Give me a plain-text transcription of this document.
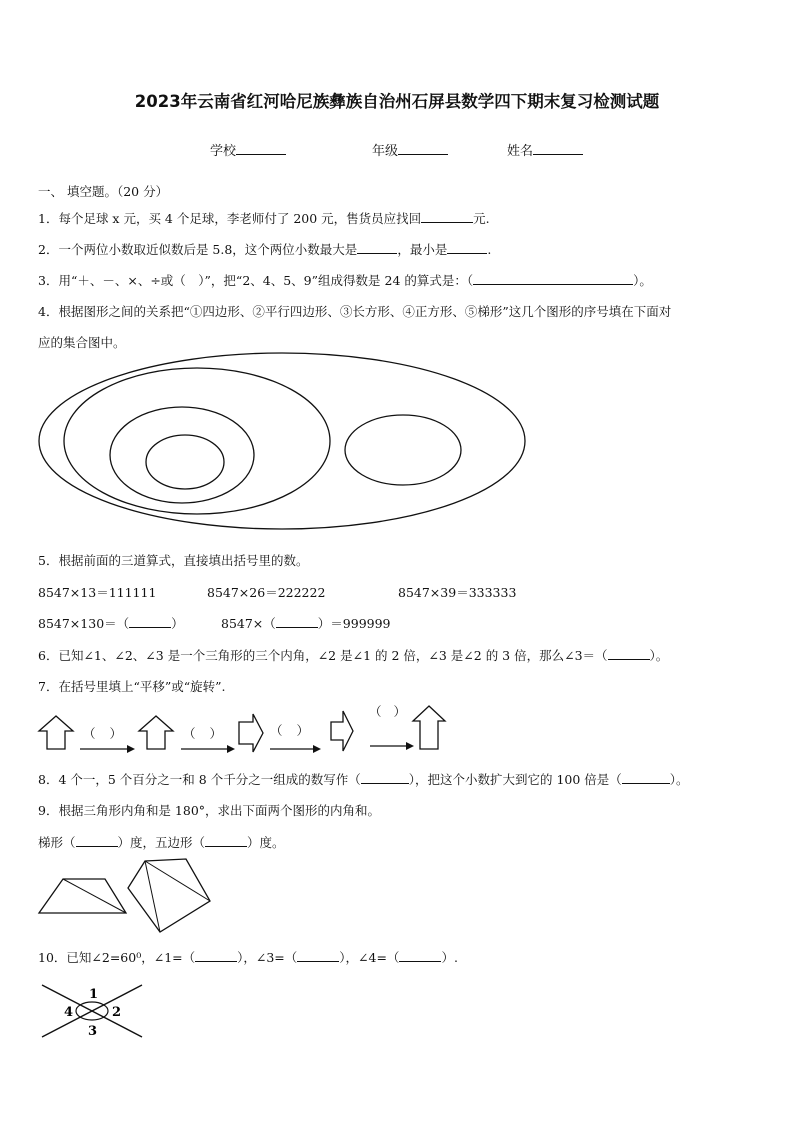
2023年云南省红河哈尼族彝族自治州石屏县数学四下期末复习检测试题
学校	年级	姓名
一、 填空题。（20 分）
1．每个足球 x 元，买 4 个足球，李老师付了 200 元，售货员应找回	元.
2．一个两位小数取近似数后是 5.8，这个两位小数最大是	，最小是	.
3．用“＋、－、×、÷或（　）”，把“2、4、5、9”组成得数是 24 的算式是：（	）。
4．根据图形之间的关系把“①四边形、②平行四边形、③长方形、④正方形、⑤梯形”这几个图形的序号填在下面对
应的集合图中。
5．根据前面的三道算式，直接填出括号里的数。
8547×13＝111111	8547×26＝222222	8547×39＝333333
8547×130＝（	）	8547×（	）＝999999
6．已知∠1、∠2、∠3 是一个三角形的三个内角，∠2 是∠1 的 2 倍，∠3 是∠2 的 3 倍，那么∠3＝（	）。
7．在括号里填上“平移”或“旋转”.
（ ）	（ ）	（ ）
（ ）
8．4 个一，5 个百分之一和 8 个千分之一组成的数写作（	），把这个小数扩大到它的 100 倍是（	）。
9．根据三角形内角和是 180°，求出下面两个图形的内角和。
梯形（	）度，五边形（	）度。
10．已知∠2=60⁰，∠1=（	），∠3=（	），∠4=（	）.
1
2
3
4
